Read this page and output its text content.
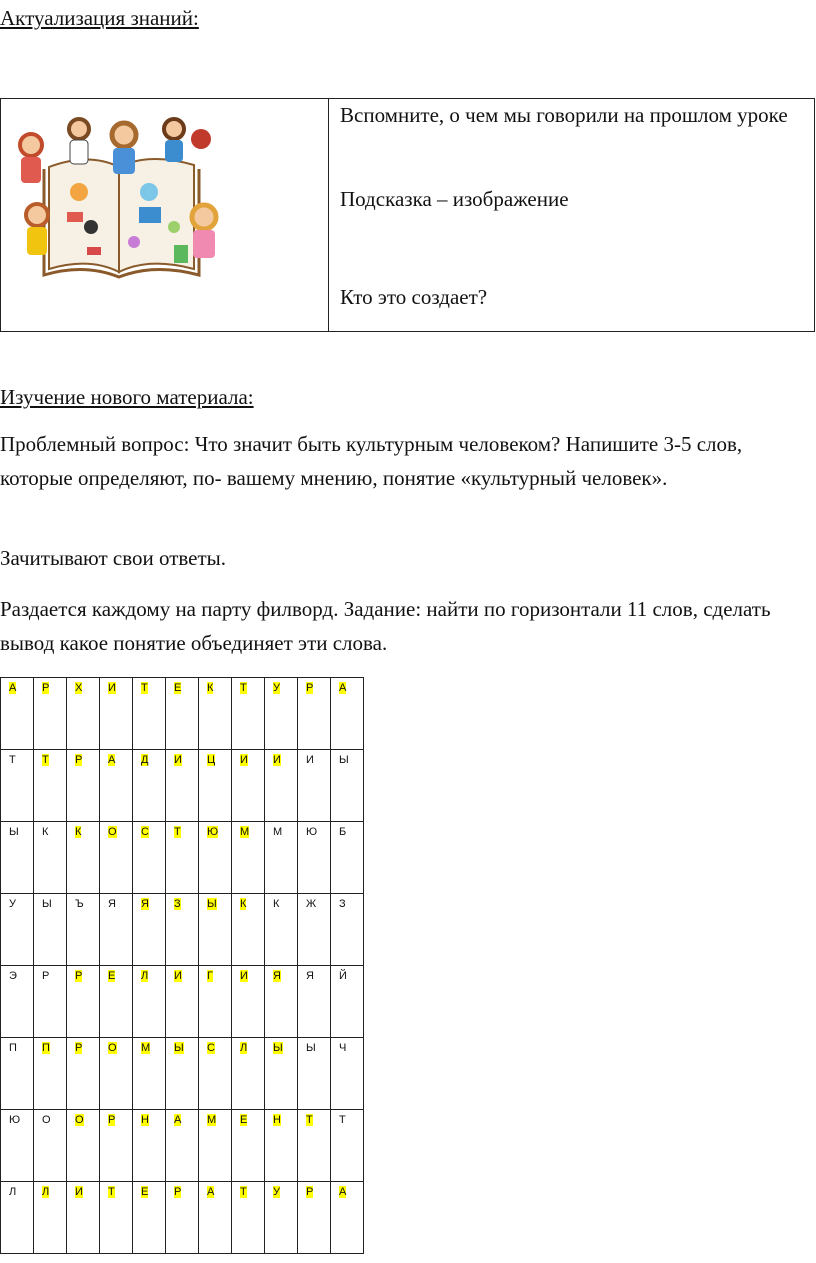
Актуализация знаний:
Вспомните, о чем мы говорили на прошлом уроке
Подсказка – изображение
Кто это создает?
Изучение нового материала:
Проблемный вопрос: Что значит быть культурным человеком? Напишите 3-5 слов, которые определяют, по- вашему мнению, понятие «культурный человек».
Зачитывают свои ответы.
Раздается каждому на парту филворд. Задание: найти по горизонтали 11 слов, сделать вывод какое понятие объединяет эти слова.
А	Р	Х	И	Т	Е	К	Т	У	Р	А
Т	Т	Р	А	Д	И	Ц	И	И	И	Ы
Ы	К	К	О	С	Т	Ю	М	М	Ю	Б
У	Ы	Ъ	Я	Я	З	Ы	К	К	Ж	З
Э	Р	Р	Е	Л	И	Г	И	Я	Я	Й
П	П	Р	О	М	Ы	С	Л	Ы	Ы	Ч
Ю	О	О	Р	Н	А	М	Е	Н	Т	Т
Л	Л	И	Т	Е	Р	А	Т	У	Р	А
